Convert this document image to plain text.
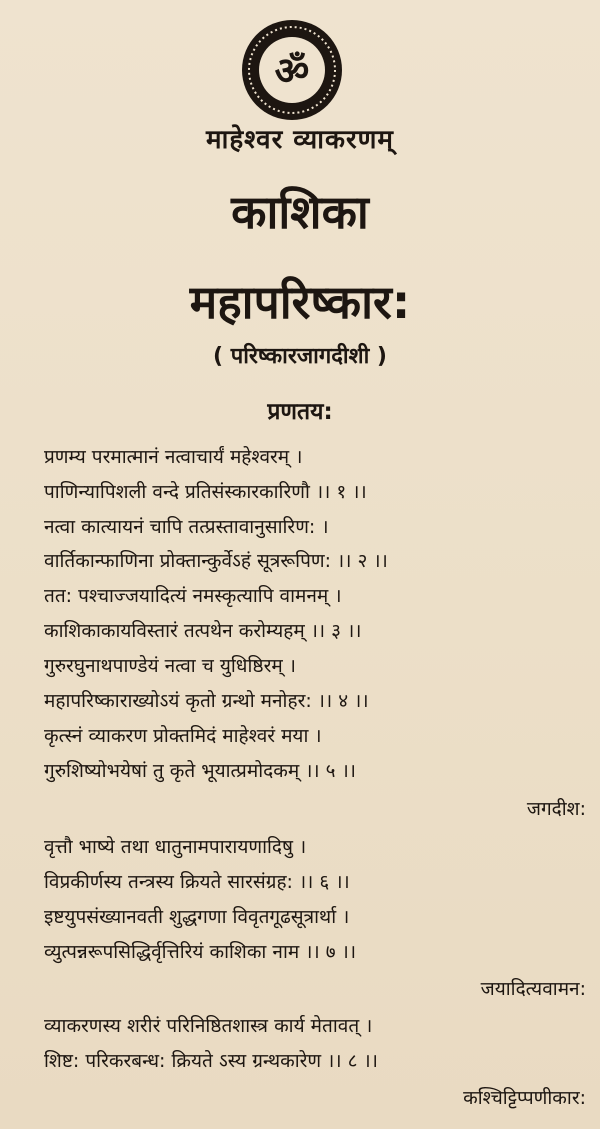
ॐ
माहेश्वर व्याकरणम्
काशिका
महापरिष्कार:
( परिष्कारजागदीशी )
प्रणतय:
प्रणम्य परमात्मानं नत्वाचार्यं महेश्वरम् ।
पाणिन्यापिशली वन्दे प्रतिसंस्कारकारिणौ ।। १ ।।
नत्वा कात्यायनं चापि तत्प्रस्तावानुसारिण: ।
वार्तिकान्फाणिना प्रोक्तान्कुर्वेऽहं सूत्ररूपिण: ।। २ ।।
तत: पश्चाज्जयादित्यं नमस्कृत्यापि वामनम् ।
काशिकाकायविस्तारं तत्पथेन करोम्यहम् ।। ३ ।।
गुरुरघुनाथपाण्डेयं नत्वा च युधिष्ठिरम् ।
महापरिष्काराख्योऽयं कृतो ग्रन्थो मनोहर: ।। ४ ।।
कृत्स्नं व्याकरण प्रोक्तमिदं माहेश्वरं मया ।
गुरुशिष्योभयेषां तु कृते भूयात्प्रमोदकम् ।। ५ ।।
जगदीश:
वृत्तौ भाष्ये तथा धातुनामपारायणादिषु ।
विप्रकीर्णस्य तन्त्रस्य क्रियते सारसंग्रह: ।। ६ ।।
इष्टयुपसंख्यानवती शुद्धगणा विवृतगूढसूत्रार्था ।
व्युत्पन्नरूपसिद्धिर्वृत्तिरियं काशिका नाम ।। ७ ।।
जयादित्यवामन:
व्याकरणस्य शरीरं परिनिष्ठितशास्त्र कार्य मेतावत् ।
शिष्ट: परिकरबन्ध: क्रियते ऽस्य ग्रन्थकारेण ।। ८ ।।
कश्चिट्टिप्पणीकार:
